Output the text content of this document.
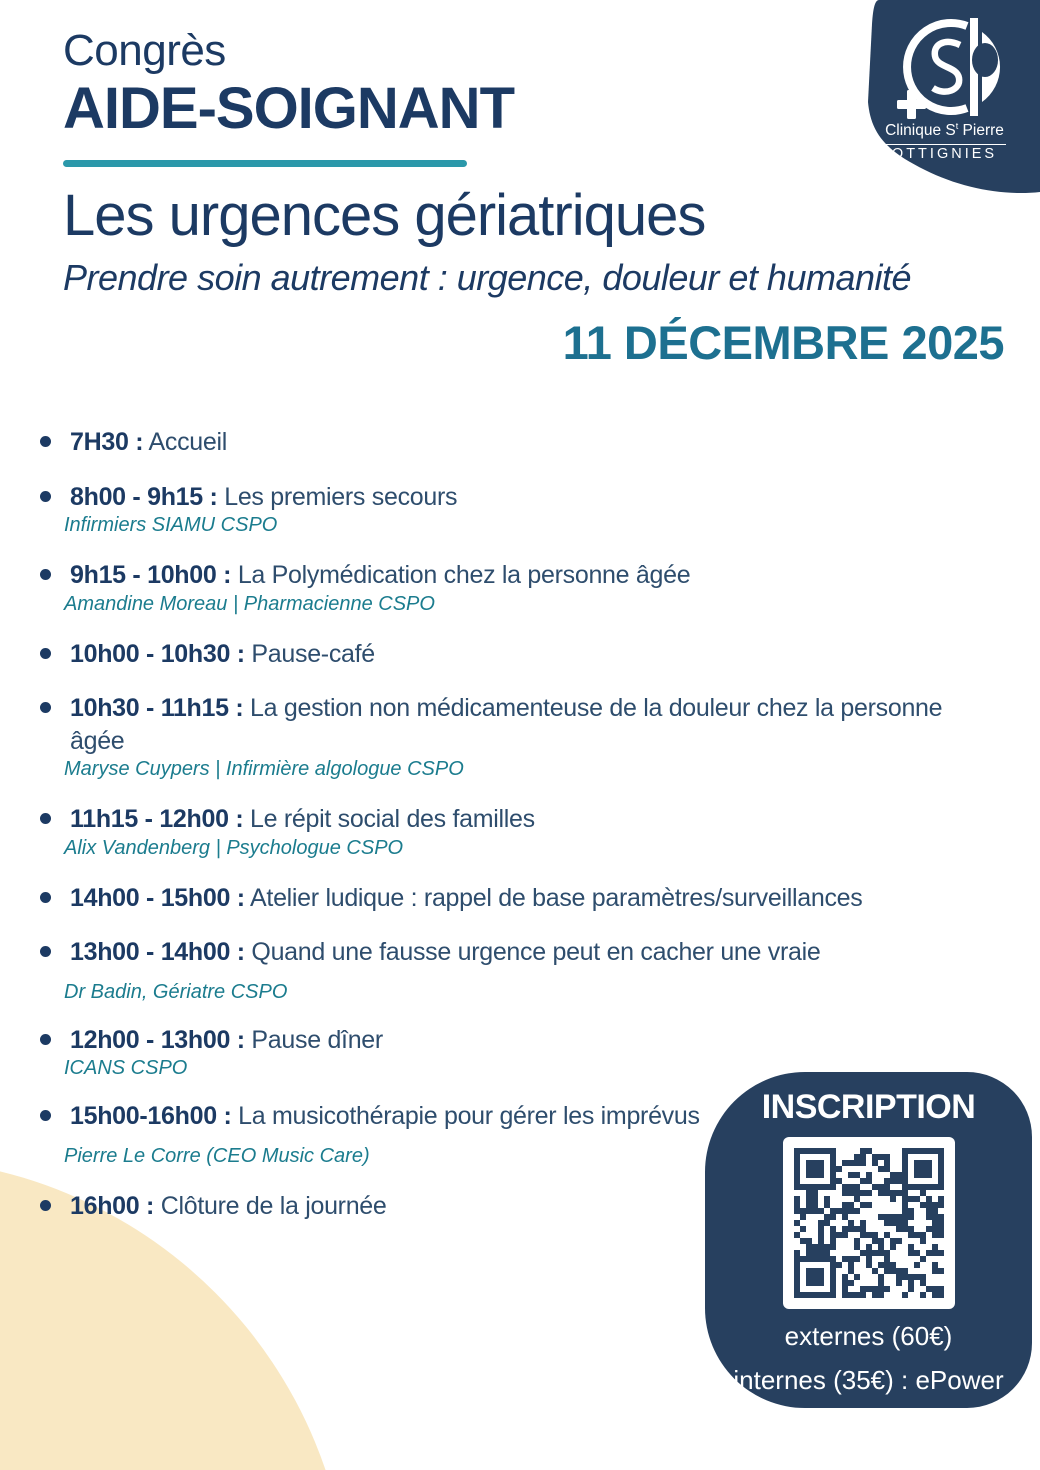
Congrès
AIDE-SOIGNANT
Les urgences gériatriques
Prendre soin autrement : urgence, douleur et humanité
11 DÉCEMBRE 2025
Clinique $S^t$ Pierre
OTTIGNIES
7H30 : Accueil
8h00 - 9h15 : Les premiers secours
Infirmiers SIAMU CSPO
9h15 - 10h00 : La Polymédication chez la personne âgée
Amandine Moreau | Pharmacienne CSPO
10h00 - 10h30 : Pause-café
10h30 - 11h15 : La gestion non médicamenteuse de la douleur chez la personne âgée
Maryse Cuypers | Infirmière algologue CSPO
11h15 - 12h00 : Le répit social des familles
Alix Vandenberg | Psychologue CSPO
14h00 - 15h00 : Atelier ludique : rappel de base paramètres/surveillances
13h00 - 14h00 : Quand une fausse urgence peut en cacher une vraie
Dr Badin, Gériatre CSPO
12h00 - 13h00 : Pause dîner
ICANS CSPO
15h00-16h00 : La musicothérapie pour gérer les imprévus
Pierre Le Corre (CEO Music Care)
16h00 : Clôture de la journée
INSCRIPTION
externes (60€)
internes (35€) : ePower
